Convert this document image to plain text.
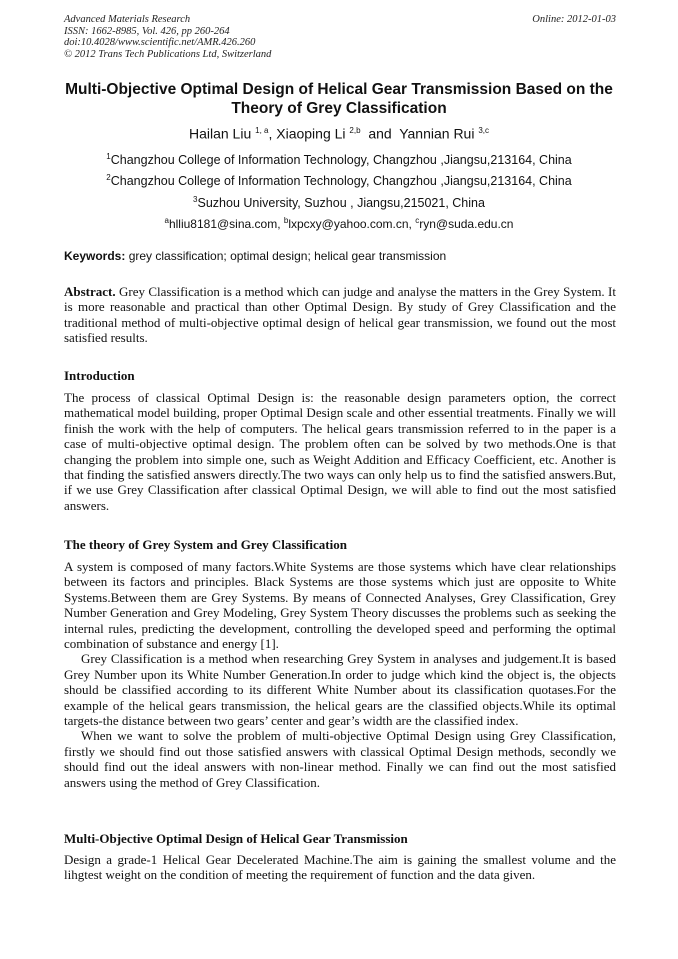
Advanced Materials Research
ISSN: 1662-8985, Vol. 426, pp 260-264
doi:10.4028/www.scientific.net/AMR.426.260
© 2012 Trans Tech Publications Ltd, Switzerland
Online: 2012-01-03
Multi-Objective Optimal Design of Helical Gear Transmission Based on the Theory of Grey Classification
Hailan Liu $^{1, a}$, Xiaoping Li $^{2,b}$  and  Yannian Rui $^{3,c}$
$^1$Changzhou College of Information Technology, Changzhou ,Jiangsu,213164, China
$^2$Changzhou College of Information Technology, Changzhou ,Jiangsu,213164, China
$^3$Suzhou University, Suzhou , Jiangsu,215021, China
$^a$hlliu8181@sina.com, $^b$lxpcxy@yahoo.com.cn, $^c$ryn@suda.edu.cn
Keywords: grey classification; optimal design; helical gear transmission
Abstract. Grey Classification is a method which can judge and analyse the matters in the Grey System. It is more reasonable and practical than other Optimal Design. By study of Grey Classification and the traditional method of multi-objective optimal design of helical gear transmission, we found out the most satisfied results.
Introduction

The process of classical Optimal Design is: the reasonable design parameters option, the correct mathematical model building, proper Optimal Design scale and other essential treatments. Finally we will finish the work with the help of computers. The helical gears transmission referred to in the paper is a case of multi-objective optimal design. The problem often can be solved by two methods.One is that changing the problem into simple one, such as Weight Addition and Efficacy Coefficient, etc. Another is that finding the satisfied answers directly.The two ways can only help us to find the satisfied answers.But, if we use Grey Classification after classical Optimal Design, we will able to find out the most satisfied answers.

The theory of Grey System and Grey Classification

A system is composed of many factors.White Systems are those systems which have clear relationships between its factors and principles. Black Systems are those systems which just are opposite to White Systems.Between them are Grey Systems. By means of Connected Analyses, Grey Classification, Grey Number Generation and Grey Modeling, Grey System Theory discusses the problems such as seeking the internal rules, predicting the development, controlling the developed speed and performing the optimal combination of substance and energy [1].

Grey Classification is a method when researching Grey System in analyses and judgement.It is based Grey Number upon its White Number Generation.In order to judge which kind the object is, the objects should be classified according to its different White Number about its classification quotases.For the example of the helical gears transmission, the helical gears are the classified objects.While its optimal targets-the distance between two gears’ center and gear’s width are the classified index.

When we want to solve the problem of multi-objective Optimal Design using Grey Classification, firstly we should find out those satisfied answers with classical Optimal Design methods, secondly we should find out the ideal answers with non-linear method. Finally we can find out the most satisfied answers using the method of Grey Classification.

Multi-Objective Optimal Design of Helical Gear Transmission

Design a grade-1 Helical Gear Decelerated Machine.The aim is gaining the smallest volume and the lihgtest weight on the condition of meeting the requirement of function and the data given.
